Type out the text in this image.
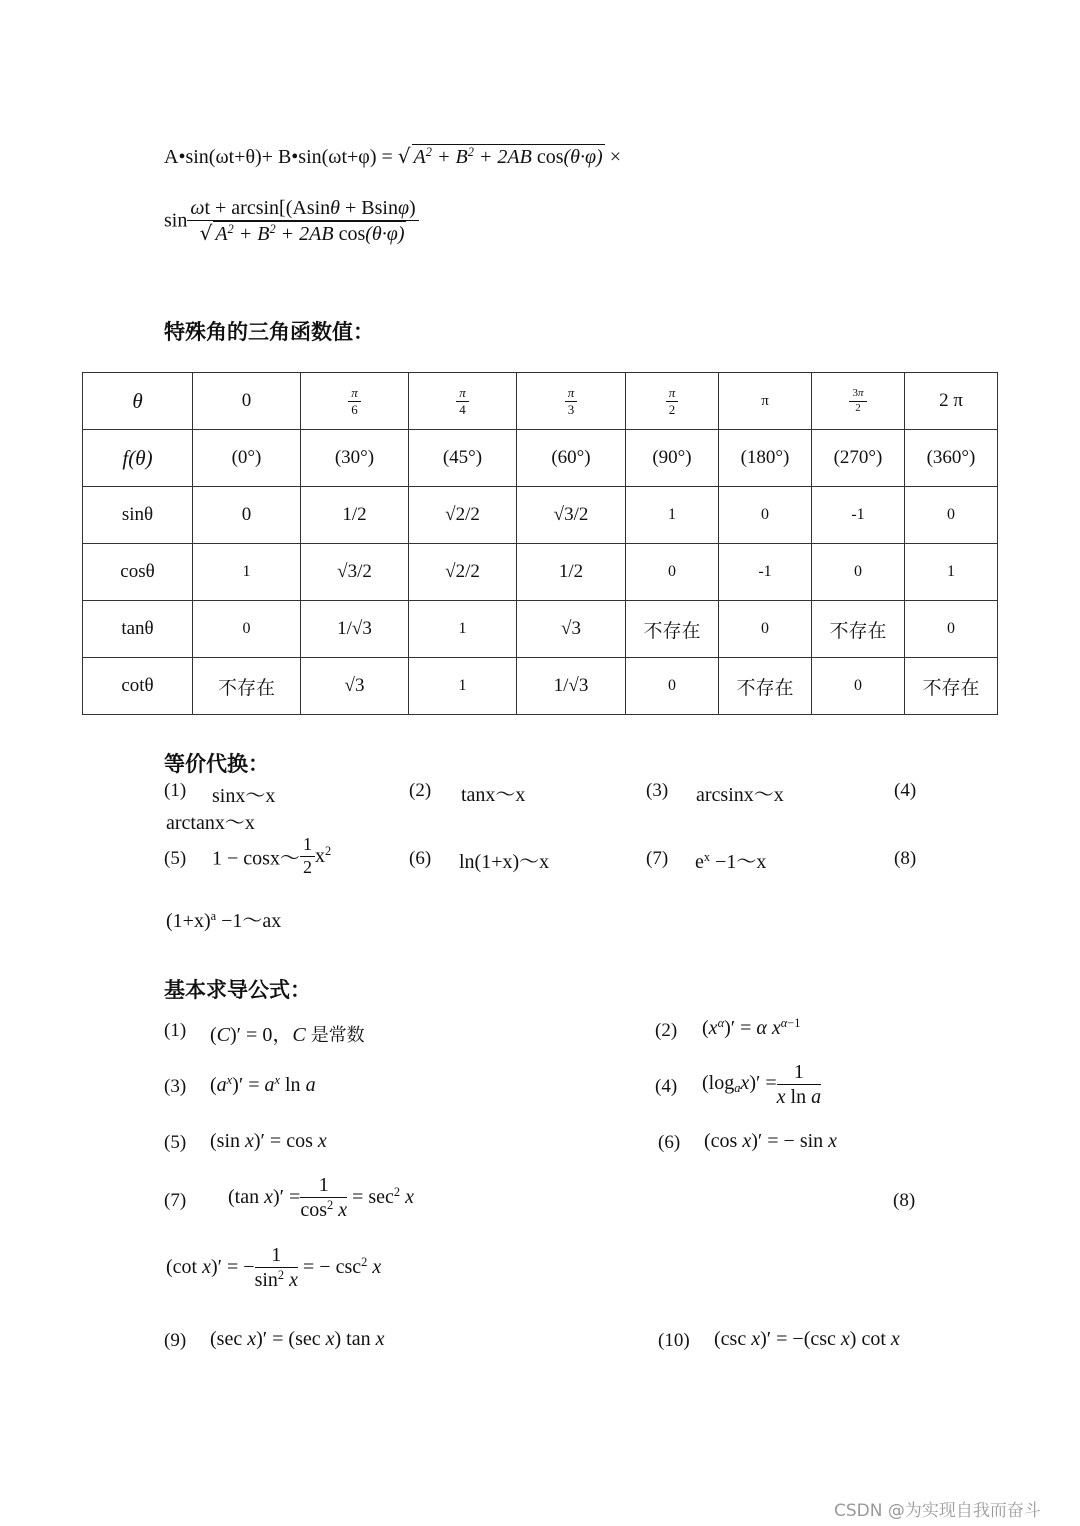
A•sin(ωt+θ)+ B•sin(ωt+φ) = √ $A^2 + B^2 + 2AB$ cos(θ·φ) ×
$\sin \frac{\omega t + \arcsin[(Asin\theta + Bsin\varphi)}{√ A^2 + B^2 + 2AB \cos(\theta\cdot\varphi)}$
特殊角的三角函数值：
θ	0	$\frac{\pi}{6}$	$\frac{\pi}{4}$	$\frac{\pi}{3}$	$\frac{\pi}{2}$	π	$\frac{3\pi}{2}$	2 π
f(θ)	(0°)	(30°)	(45°)	(60°)	(90°)	(180°)	(270°)	(360°)
sinθ	0	1/2	√2/2	√3/2	1	0	-1	0
cosθ	1	√3/2	√2/2	1/2	0	-1	0	1
tanθ	0	1/√3	1	√3	不存在	0	不存在	0
cotθ	不存在	√3	1	1/√3	0	不存在	0	不存在
等价代换：
(1) sinx～x	(2) tanx～x	(3) arcsinx～x	(4)
arctanx～x
(5) 1 − cosx～ $\frac{1}{2} x^2$	(6) ln(1+x)～x	(7) $e^x$ −1～x	(8)
$(1+x)^a$ −1～ax
基本求导公式：
(1) (C)′ = 0，C 是常数	(2) $(x^\alpha)' = \alpha$ $x^{\alpha-1}$
(3) $(a^x)' = a^x$ ln a	(4) $(\log_ax)' = \frac{1}{\text{x ln a}}$
(5) (sin x)′ = cos x	(6) (cos x)′ = − sin x
(7) (tan $x)' = \frac{1}{\cos^2 x} = \sec^2 x$	(8)
(cot x)′ = − $\frac{1}{\sin^2 x}$ = − $\csc^2 x$
(9) (sec x)′ = (sec x) tan x	(10) (csc x)′ = −(csc x) cot x
CSDN @为实现自我而奋斗
